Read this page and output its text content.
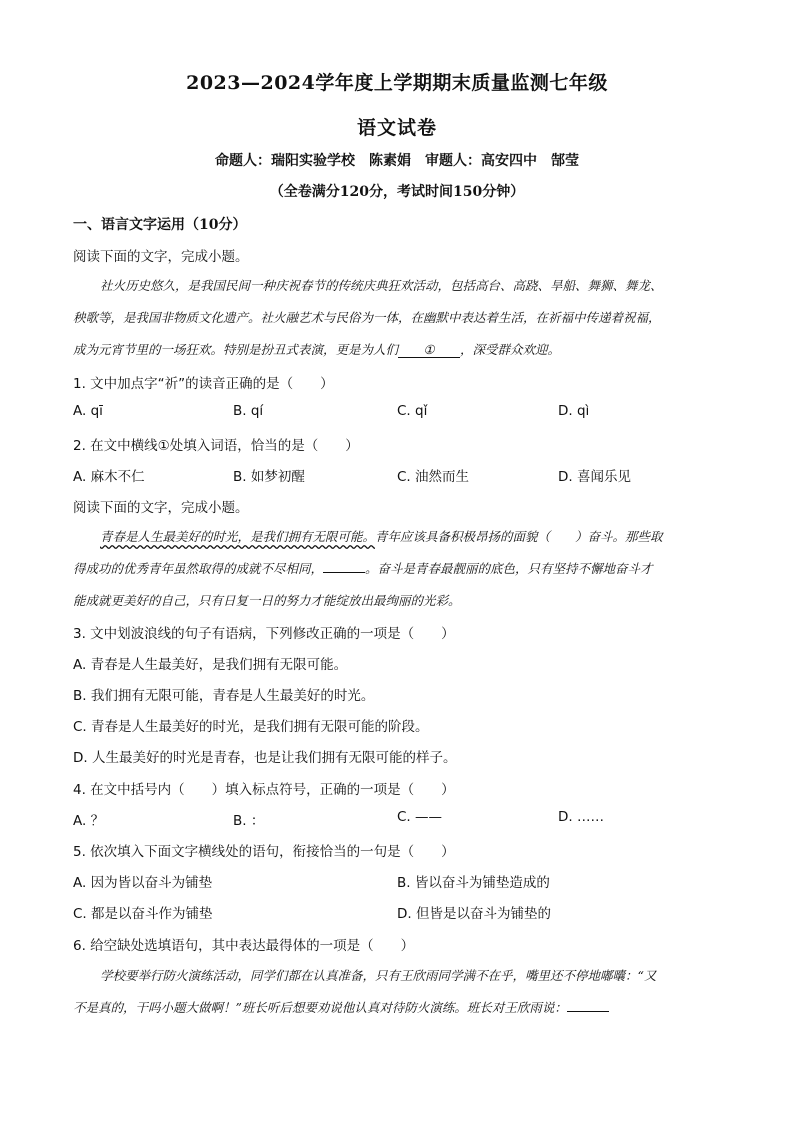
2023—2024学年度上学期期末质量监测七年级
语文试卷
命题人：瑞阳实验学校　陈素娟　审题人：高安四中　郜莹
（全卷满分120分，考试时间150分钟）
一、语言文字运用（10分）
阅读下面的文字，完成小题。
社火历史悠久，是我国民间一种庆祝春节的传统庆典狂欢活动，包括高台、高跷、旱船、舞狮、舞龙、
秧歌等，是我国非物质文化遗产。社火融艺术与民俗为一体，在幽默中表达着生活，在祈福中传递着祝福，
成为元宵节里的一场狂欢。特别是扮丑式表演，更是为人们 ① ，深受群众欢迎。
1. 文中加点字“祈”的读音正确的是（　　）
A. qī	B. qí	C. qǐ	D. qì
2. 在文中横线①处填入词语，恰当的是（　　）
A. 麻木不仁	B. 如梦初醒	C. 油然而生	D. 喜闻乐见
阅读下面的文字，完成小题。
青春是人生最美好的时光，是我们拥有无限可能。青年应该具备积极昂扬的面貌（　　）奋斗。那些取
得成功的优秀青年虽然取得的成就不尽相同，	。奋斗是青春最靓丽的底色，只有坚持不懈地奋斗才
能成就更美好的自己，只有日复一日的努力才能绽放出最绚丽的光彩。
3. 文中划波浪线的句子有语病，下列修改正确的一项是（　　）
A. 青春是人生最美好，是我们拥有无限可能。
B. 我们拥有无限可能，青春是人生最美好的时光。
C. 青春是人生最美好的时光，是我们拥有无限可能的阶段。
D. 人生最美好的时光是青春，也是让我们拥有无限可能的样子。
4. 在文中括号内（　　）填入标点符号，正确的一项是（　　）
A. ？	B. ：	C. ——	D. ……
5. 依次填入下面文字横线处的语句，衔接恰当的一句是（　　）
A. 因为皆以奋斗为铺垫	B. 皆以奋斗为铺垫造成的
C. 都是以奋斗作为铺垫	D. 但皆是以奋斗为铺垫的
6. 给空缺处选填语句，其中表达最得体的一项是（　　）
学校要举行防火演练活动，同学们都在认真准备，只有王欣雨同学满不在乎，嘴里还不停地嘟囔：“又
不是真的，干吗小题大做啊！”班长听后想要劝说他认真对待防火演练。班长对王欣雨说：
